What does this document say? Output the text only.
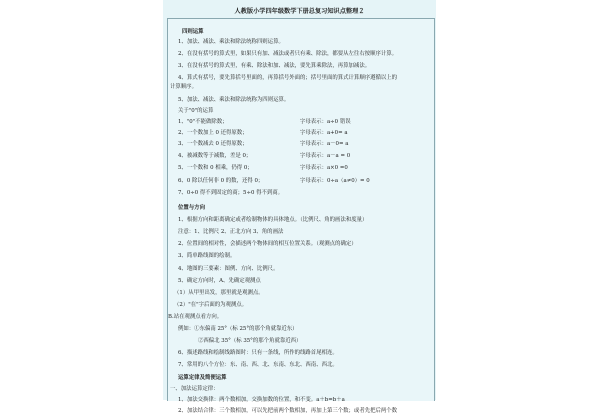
人教版小学四年级数学下册总复习知识点整理２
四则运算
1、加法、减法、乘法和除法统称四则运算。
2、在没有括号的算式里，如果只有加、减法或者只有乘、除法，都要从左往右按顺序计算。
3、在没有括号的算式里，有乘、除法和加、减法，要先算乘除法，再算加减法。
4、算式有括号，要先算括号里面的，再算括号外面的；括号里面的算式计算顺序遵循以上的
计算顺序。
5、加法、减法、乘法和除法统称为四则运算。
关于"0"的运算
1、"0"不能做除数；	字母表示：a÷0 错误
2、一个数加上 0 还得原数；	字母表示：a+0= a
3、一个数减去 0 还得原数；	字母表示：a－0= a
4、被减数等于减数，差是 0；	字母表示：a－a = 0
5、一个数和 0 相乘，仍得 0；	字母表示：a×0 =0
6、0 除以任何非 0 的数，还得 0；	字母表示：0÷a（a≠0）= 0
7、0÷0 得不到固定的商；5÷0 得不到商。
位置与方向
1、根据方向和距离确定或者绘制物体的具体地点。（比例尺、角的画法和度量）
注意：1、比例尺 2、正北方向 3、角的画法
2、位置间的相对性，会描述两个物体间的相互位置关系。（观测点的确定）
3、简单路线图的绘制。
4、地图的三要素：图例、方向、比例尺。
5、确定方向时，A、先确定观测点
（1）从甲里出发，那里就是观测点。
（2）"在"字后面的为观测点。
B.站在观测点看方向。
例如：①东偏南 25°（标 25°的那个角就靠近东）
②西偏北 35°（标 35°的那个角就靠近西）
6、描述路线和绘制线路图时：只有一条线，所作的线路首尾相连。
7、常用的八个方位：东、南、西、北、东南、东北、西南、西北。
运算定律及简便运算
一、加法运算定律：
1、加法交换律：两个数相加，交换加数的位置，和不变。a＋b=b＋a
2、加法结合律：三个数相加，可以先把前两个数相加，再加上第三个数；或者先把后两个数
